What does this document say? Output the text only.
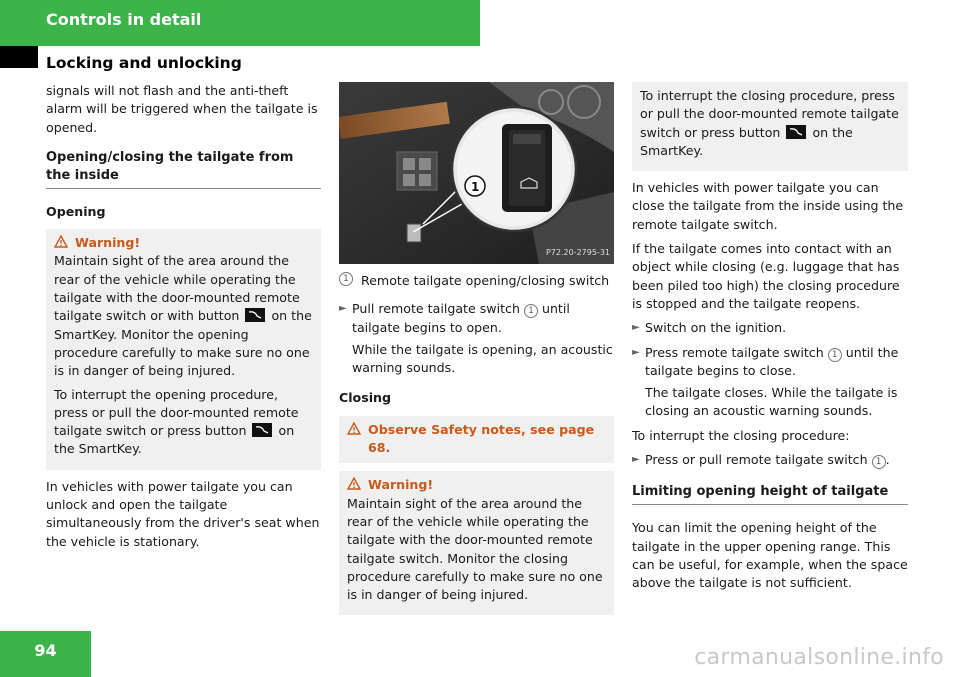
Controls in detail
Locking and unlocking

signals will not flash and the anti-theft alarm will be triggered when the tailgate is opened.

Opening/closing the tailgate from the inside
Opening
Warning!

Maintain sight of the area around the rear of the vehicle while operating the tailgate with the door-mounted remote tailgate switch or with button	on the SmartKey. Monitor the opening procedure carefully to make sure no one is in danger of being injured.

To interrupt the opening procedure, press or pull the door-mounted remote tailgate switch or press button	on the SmartKey.

In vehicles with power tailgate you can unlock and open the tailgate simultaneously from the driver's seat when the vehicle is stationary.

1
P72.20-2795-31
1 Remote tailgate opening/closing switch
► Pull remote tailgate switch 1 until tailgate begins to open.
While the tailgate is opening, an acoustic warning sounds.
Closing
Observe Safety notes, see page 68.
Warning!

Maintain sight of the area around the rear of the vehicle while operating the tailgate with the door-mounted remote tailgate switch. Monitor the closing procedure carefully to make sure no one is in danger of being injured.

To interrupt the closing procedure, press or pull the door-mounted remote tailgate switch or press button	on the SmartKey.

In vehicles with power tailgate you can close the tailgate from the inside using the remote tailgate switch.

If the tailgate comes into contact with an object while closing (e.g. luggage that has been piled too high) the closing procedure is stopped and the tailgate reopens.

► Switch on the ignition.
► Press remote tailgate switch 1 until the tailgate begins to close.
The tailgate closes. While the tailgate is closing an acoustic warning sounds.

To interrupt the closing procedure:

► Press or pull remote tailgate switch 1 .
Limiting opening height of tailgate

You can limit the opening height of the tailgate in the upper opening range. This can be useful, for example, when the space above the tailgate is not sufficient.

94	carmanualsonline.info
